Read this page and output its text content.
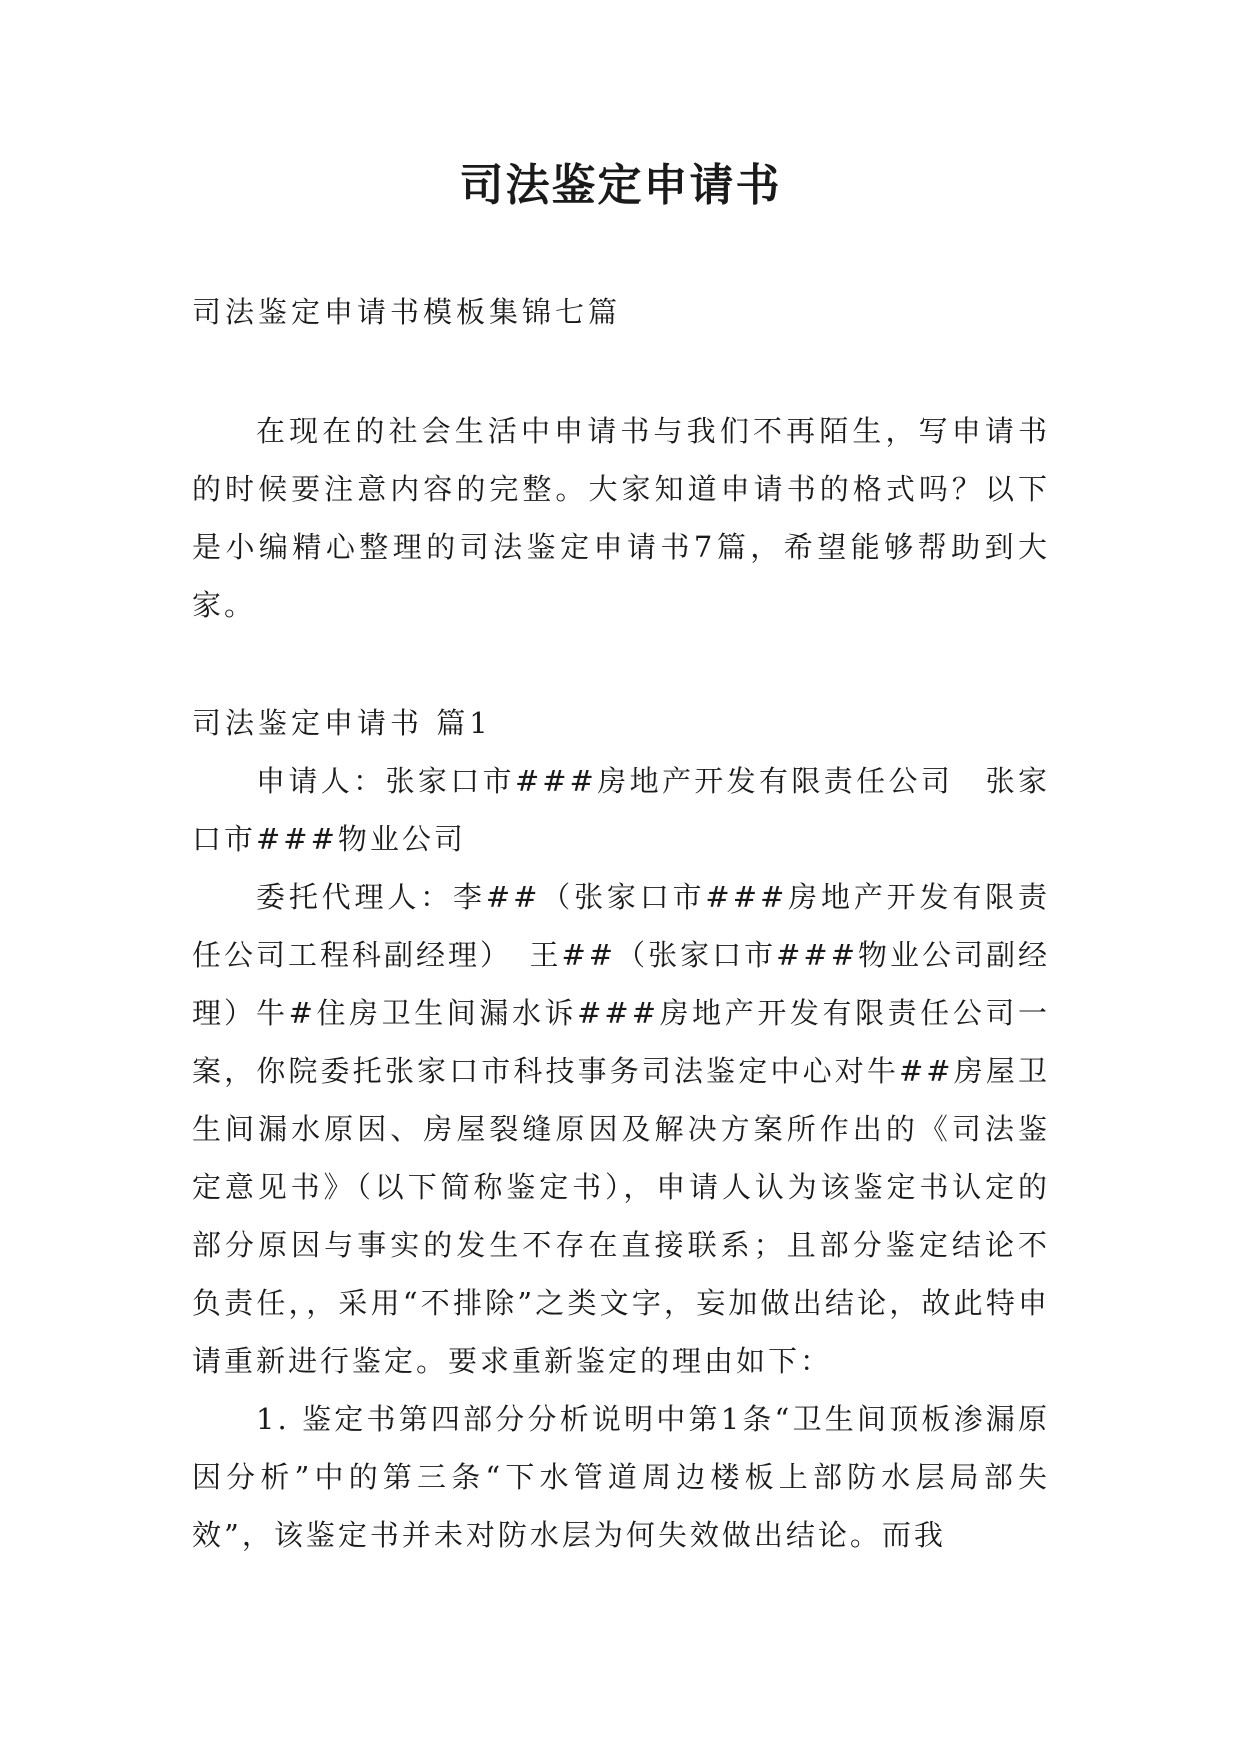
司法鉴定申请书
司法鉴定申请书模板集锦七篇

在现在的社会生活中申请书与我们不再陌生，写申请书的时候要注意内容的完整。大家知道申请书的格式吗？以下是小编精心整理的司法鉴定申请书7篇，希望能够帮助到大家。

司法鉴定申请书 篇1

申请人：张家口市###房地产开发有限责任公司　张家口市###物业公司

委托代理人：李##（张家口市###房地产开发有限责任公司工程科副经理）　王##（张家口市###物业公司副经理） 牛#住房卫生间漏水诉###房地产开发有限责任公司一案，你院委托张家口市科技事务司法鉴定中心对牛##房屋卫生间漏水原因、房屋裂缝原因及解决方案所作出的《司法鉴定意见书》（以下简称鉴定书），申请人认为该鉴定书认定的部分原因与事实的发生不存在直接联系；且部分鉴定结论不负责任，，采用“不排除”之类文字，妄加做出结论，故此特申请重新进行鉴定。要求重新鉴定的理由如下：

1. 鉴定书第四部分分析说明中第1条“卫生间顶板渗漏原因分析”中的第三条“下水管道周边楼板上部防水层局部失效”，该鉴定书并未对防水层为何失效做出结论。而我
